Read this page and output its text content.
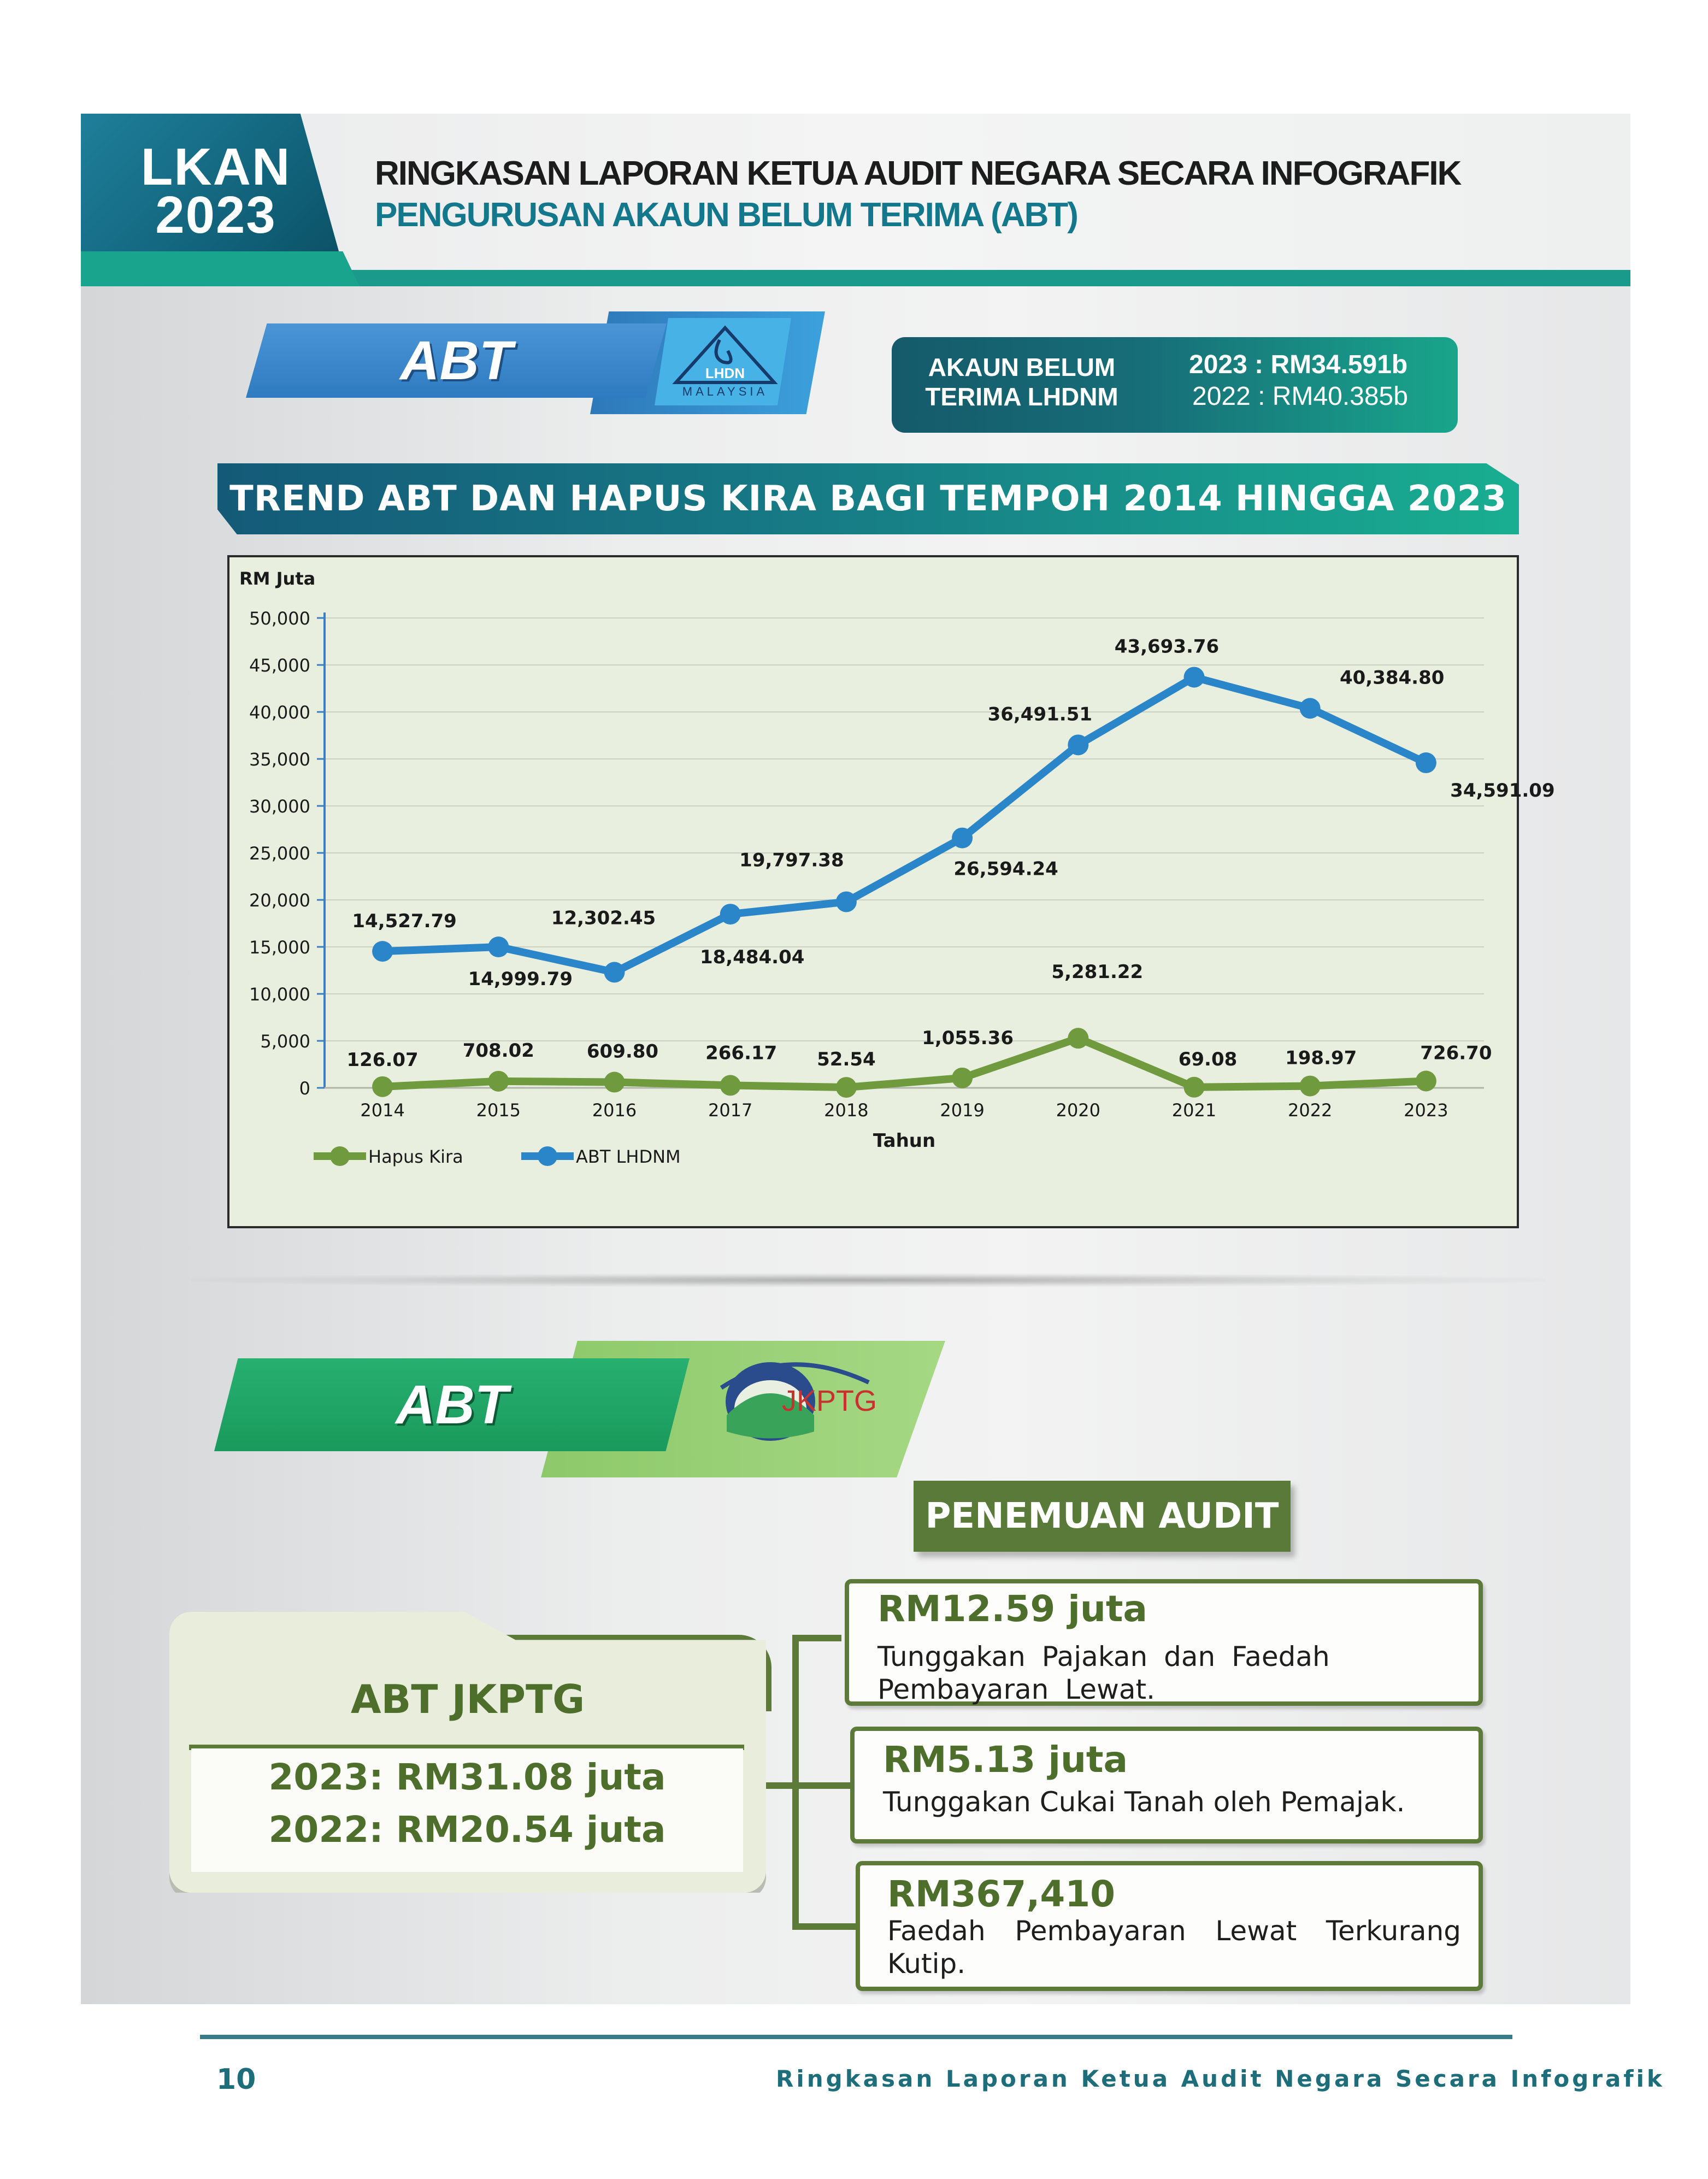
LKAN
2023
RINGKASAN LAPORAN KETUA AUDIT NEGARA SECARA INFOGRAFIK
PENGURUSAN AKAUN BELUM TERIMA (ABT)
ABT	LHDN
MALAYSIA
AKAUN BELUM TERIMA LHDNM
2023 : RM34.591b
2022 : RM40.385b
TREND ABT DAN HAPUS KIRA BAGI TEMPOH 2014 HINGGA 2023
RM Juta
0
5,000
10,000
15,000
20,000
25,000
30,000
35,000
40,000
45,000
50,000
2014	2015	2016	2017	2018	2019	2020	2021	2022	2023
Tahun
126.07 708.02	609.80	266.17 52.54
1,055.36
5,281.22
69.08	198.97	726.70
14,527.79
14,999.79
12,302.45
18,484.04
19,797.38	26,594.24
36,491.51
43,693.76
40,384.80
34,591.09
Hapus Kira	ABT LHDNM
ABT	JKPTG
PENEMUAN AUDIT
ABT JKPTG
2023: RM31.08 juta
2022: RM20.54 juta
RM12.59 juta
Tunggakan Pajakan dan Faedah Pembayaran Lewat.
RM5.13 juta
Tunggakan Cukai Tanah oleh Pemajak.
RM367,410
Faedah Pembayaran Lewat Terkurang Kutip.
10	Ringkasan Laporan Ketua Audit Negara Secara Infografik
